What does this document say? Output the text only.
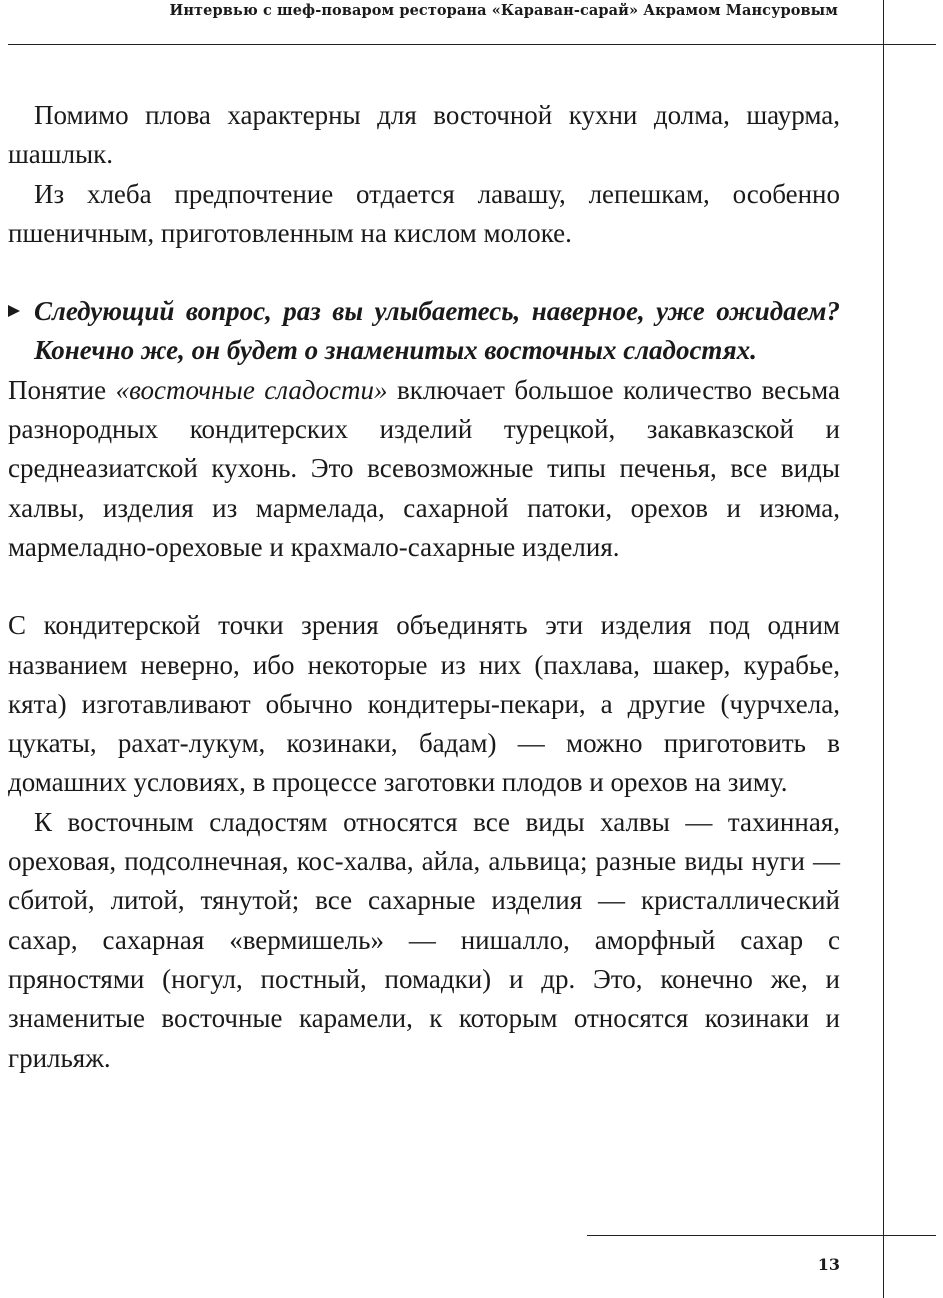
Интервью с шеф-поваром ресторана «Караван-сарай» Акрамом Мансуровым

Помимо плова характерны для восточной кухни долма, шаурма, шашлык.

Из хлеба предпочтение отдается лавашу, лепешкам, особенно пшеничным, приготовленным на кислом молоке.

Следующий вопрос, раз вы улыбаетесь, наверное, уже ожидаем? Конечно же, он будет о знаменитых восточных сладостях.

Понятие «восточные сладости» включает большое количество весьма разнородных кондитерских изделий турецкой, закавказской и среднеазиатской кухонь. Это всевозможные типы печенья, все виды халвы, изделия из мармелада, сахарной патоки, орехов и изюма, мармеладно-ореховые и крахмало-сахарные изделия.

С кондитерской точки зрения объединять эти изделия под одним названием неверно, ибо некоторые из них (пахлава, шакер, курабье, кята) изготавливают обычно кондитеры-пекари, а другие (чурчхела, цукаты, рахат-лукум, козинаки, бадам) — можно приготовить в домашних условиях, в процессе заготовки плодов и орехов на зиму.

К восточным сладостям относятся все виды халвы — тахинная, ореховая, подсолнечная, кос-халва, айла, альвица; разные виды нуги — сбитой, литой, тянутой; все сахарные изделия — кристаллический сахар, сахарная «вермишель» — нишалло, аморфный сахар с пряностями (ногул, постный, помадки) и др. Это, конечно же, и знаменитые восточные карамели, к которым относятся козинаки и грильяж.

13
